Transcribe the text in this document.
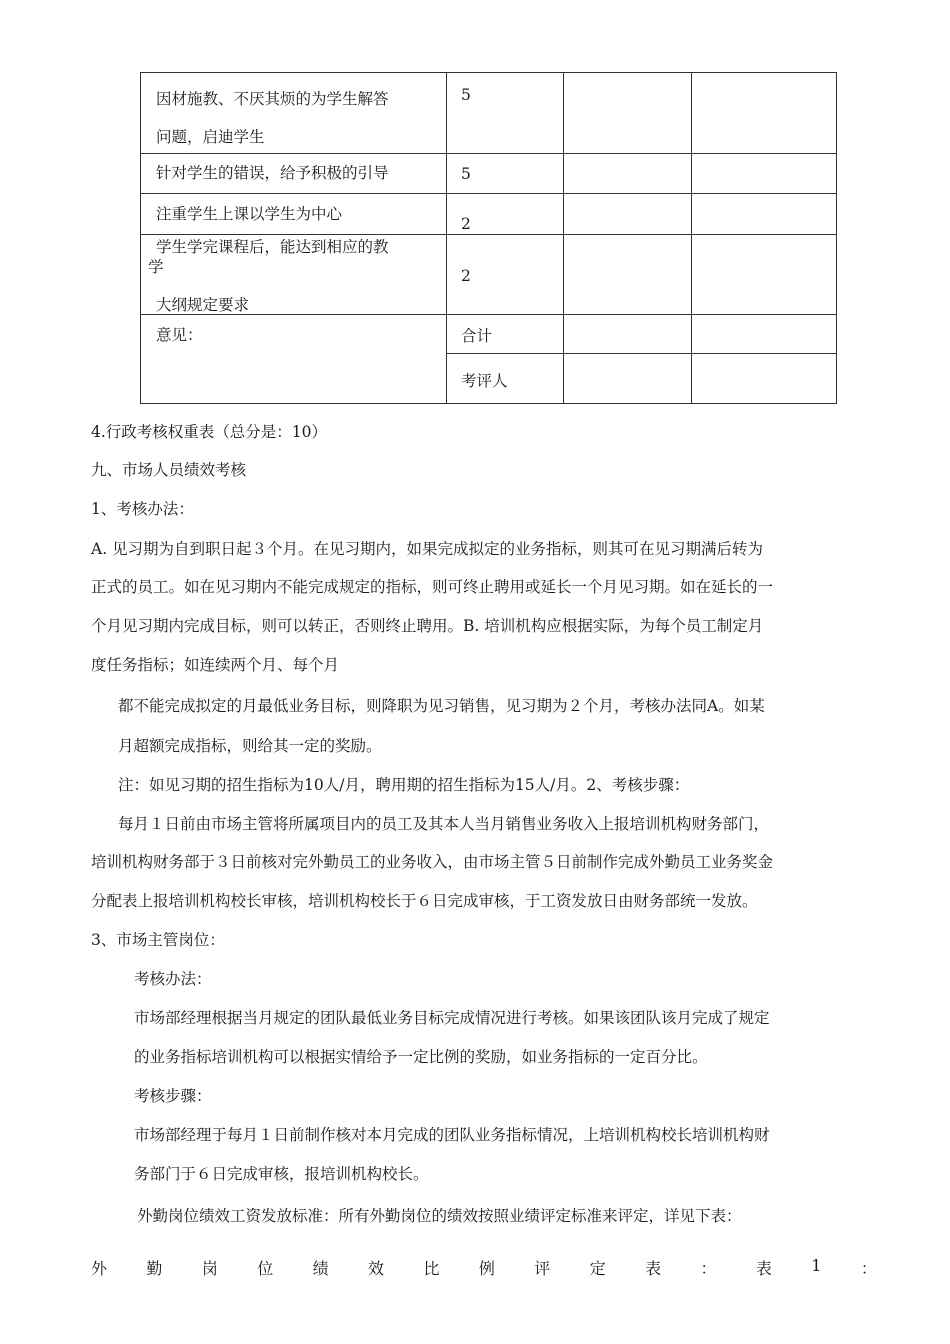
因材施教、不厌其烦的为学生解答
问题，启迪学生
5
针对学生的错误，给予积极的引导	5
注重学生上课以学生为中心
2
学生学完课程后，能达到相应的教
学
大纲规定要求
2
意见：	合计
考评人
4.行政考核权重表（总分是：10）
九、市场人员绩效考核
1、考核办法：
A. 见习期为自到职日起３个月。在见习期内，如果完成拟定的业务指标，则其可在见习期满后转为
正式的员工。如在见习期内不能完成规定的指标，则可终止聘用或延长一个月见习期。如在延长的一
个月见习期内完成目标，则可以转正，否则终止聘用。B. 培训机构应根据实际，为每个员工制定月
度任务指标；如连续两个月、每个月
都不能完成拟定的月最低业务目标，则降职为见习销售，见习期为２个月，考核办法同A。如某
月超额完成指标，则给其一定的奖励。
注：如见习期的招生指标为10人/月，聘用期的招生指标为15人/月。2、考核步骤：
每月１日前由市场主管将所属项目内的员工及其本人当月销售业务收入上报培训机构财务部门，
培训机构财务部于３日前核对完外勤员工的业务收入，由市场主管５日前制作完成外勤员工业务奖金
分配表上报培训机构校长审核，培训机构校长于６日完成审核，于工资发放日由财务部统一发放。
3、市场主管岗位：
考核办法：
市场部经理根据当月规定的团队最低业务目标完成情况进行考核。如果该团队该月完成了规定
的业务指标培训机构可以根据实情给予一定比例的奖励，如业务指标的一定百分比。
考核步骤：
市场部经理于每月１日前制作核对本月完成的团队业务指标情况，上培训机构校长培训机构财
务部门于６日完成审核，报培训机构校长。
外勤岗位绩效工资发放标准：所有外勤岗位的绩效按照业绩评定标准来评定，详见下表：
外 勤 岗 位 绩 效 比 例 评 定 表 ： 表 1 ：
